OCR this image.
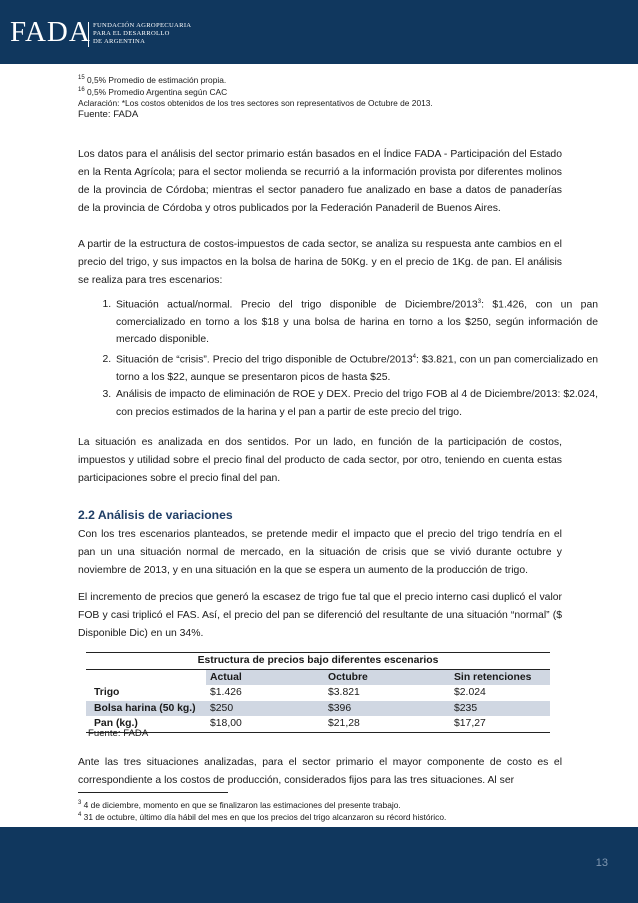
FADA FUNDACIÓN AGROPECUARIA
PARA EL DESARROLLO
DE ARGENTINA
$^{15}$ 0,5% Promedio de estimación propia.
$^{16}$ 0,5% Promedio Argentina según CAC
Aclaración: *Los costos obtenidos de los tres sectores son representativos de Octubre de 2013.
Fuente: FADA

Los datos para el análisis del sector primario están basados en el Índice FADA - Participación del Estado en la Renta Agrícola; para el sector molienda se recurrió a la información provista por diferentes molinos de la provincia de Córdoba; mientras el sector panadero fue analizado en base a datos de panaderías de la provincia de Córdoba y otros publicados por la Federación Panaderil de Buenos Aires.

A partir de la estructura de costos-impuestos de cada sector, se analiza su respuesta ante cambios en el precio del trigo, y sus impactos en la bolsa de harina de 50Kg. y en el precio de 1Kg. de pan. El análisis se realiza para tres escenarios:

1. Situación actual/normal. Precio del trigo disponible de Diciembre/2013$^3$: $1.426, con un pan comercializado en torno a los $18 y una bolsa de harina en torno a los $250, según información de mercado disponible.
2. Situación de “crisis”. Precio del trigo disponible de Octubre/2013$^4$: $3.821, con un pan comercializado en torno a los $22, aunque se presentaron picos de hasta $25.
3. Análisis de impacto de eliminación de ROE y DEX. Precio del trigo FOB al 4 de Diciembre/2013: $2.024, con precios estimados de la harina y el pan a partir de este precio del trigo.

La situación es analizada en dos sentidos. Por un lado, en función de la participación de costos, impuestos y utilidad sobre el precio final del producto de cada sector, por otro, teniendo en cuenta estas participaciones sobre el precio final del pan.

2.2 Análisis de variaciones

Con los tres escenarios planteados, se pretende medir el impacto que el precio del trigo tendría en el pan un una situación normal de mercado, en la situación de crisis que se vivió durante octubre y noviembre de 2013, y en una situación en la que se espera un aumento de la producción de trigo.

El incremento de precios que generó la escasez de trigo fue tal que el precio interno casi duplicó el valor FOB y casi triplicó el FAS. Así, el precio del pan se diferenció del resultante de una situación “normal” ($ Disponible Dic) en un 34%.

Estructura de precios bajo diferentes escenarios			
	Actual	Octubre	Sin retenciones
Trigo	$1.426	$3.821	$2.024
Bolsa harina (50 kg.)	$250	$396	$235
Pan (kg.)	$18,00	$21,28	$17,27
Fuente: FADA

Ante las tres situaciones analizadas, para el sector primario el mayor componente de costo es el correspondiente a los costos de producción, considerados fijos para las tres situaciones. Al ser

$^3$ 4 de diciembre, momento en que se finalizaron las estimaciones del presente trabajo.
$^4$ 31 de octubre, último día hábil del mes en que los precios del trigo alcanzaron su récord histórico.
13
